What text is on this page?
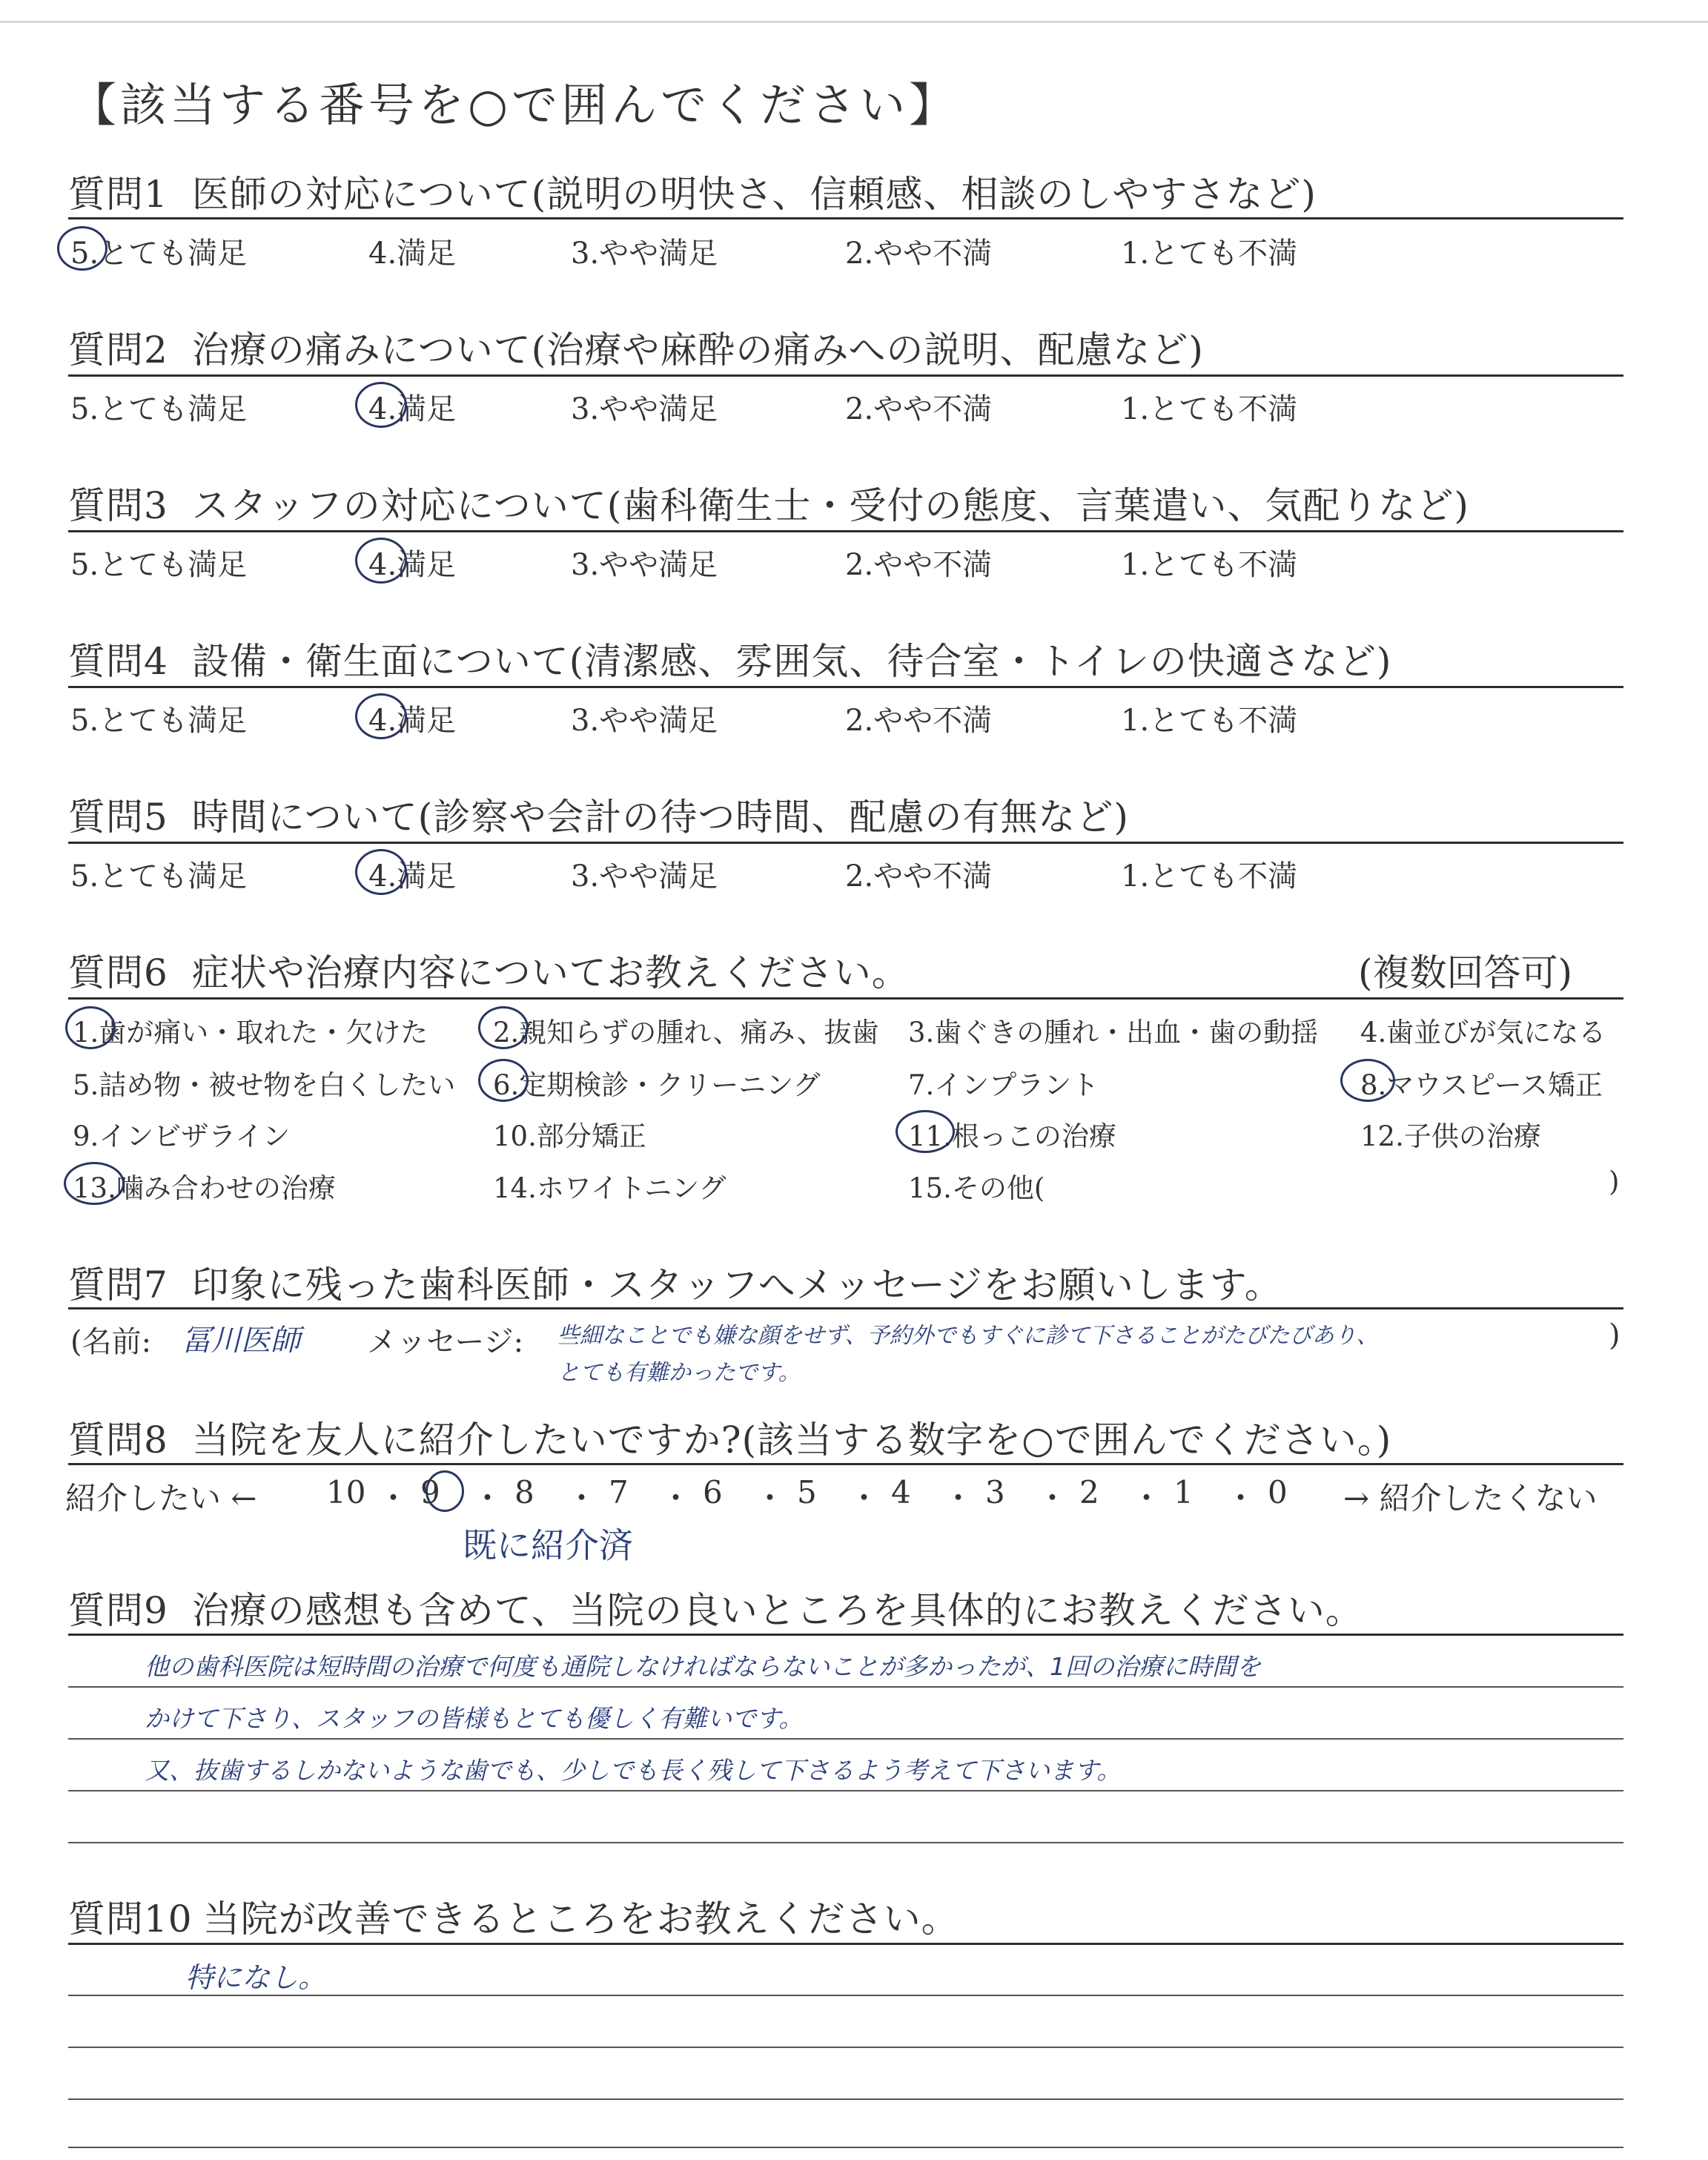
【該当する番号を○で囲んでください】
質問1 医師の対応について(説明の明快さ、信頼感、相談のしやすさなど)
5.とても満足	4.満足	3.やや満足	2.やや不満	1.とても不満
質問2 治療の痛みについて(治療や麻酔の痛みへの説明、配慮など)
5.とても満足	4.満足	3.やや満足	2.やや不満	1.とても不満
質問3 スタッフの対応について(歯科衛生士・受付の態度、言葉遣い、気配りなど)
5.とても満足	4.満足	3.やや満足	2.やや不満	1.とても不満
質問4 設備・衛生面について(清潔感、雰囲気、待合室・トイレの快適さなど)
5.とても満足	4.満足	3.やや満足	2.やや不満	1.とても不満
質問5 時間について(診察や会計の待つ時間、配慮の有無など)
5.とても満足	4.満足	3.やや満足	2.やや不満	1.とても不満
質問6 症状や治療内容についてお教えください。	(複数回答可)
1.歯が痛い・取れた・欠けた 2.親知らずの腫れ、痛み、抜歯 3.歯ぐきの腫れ・出血・歯の動揺 4.歯並びが気になる
5.詰め物・被せ物を白くしたい 6.定期検診・クリーニング	7.インプラント	8.マウスピース矯正
9.インビザライン	10.部分矯正	11.根っこの治療	12.子供の治療
13.噛み合わせの治療	14.ホワイトニング	15.その他(	)
質問7 印象に残った歯科医師・スタッフへメッセージをお願いします。
(名前: 冨川医師 メッセージ: 些細なことでも嫌な顔をせず、予約外でもすぐに診て下さることがたびたびあり、
とても有難かったです。
)
質問8 当院を友人に紹介したいですか?(該当する数字を○で囲んでください。)
紹介したい ← 10 ・ 9 ・ 8 ・ 7 ・ 6 ・ 5 ・ 4 ・ 3 ・ 2 ・ 1 ・ 0 → 紹介したくない
既に紹介済
質問9 治療の感想も含めて、当院の良いところを具体的にお教えください。
他の歯科医院は短時間の治療で何度も通院しなければならないことが多かったが、1回の治療に時間を
かけて下さり、スタッフの皆様もとても優しく有難いです。
又、抜歯するしかないような歯でも、少しでも長く残して下さるよう考えて下さいます。
質問10 当院が改善できるところをお教えください。
特になし。
